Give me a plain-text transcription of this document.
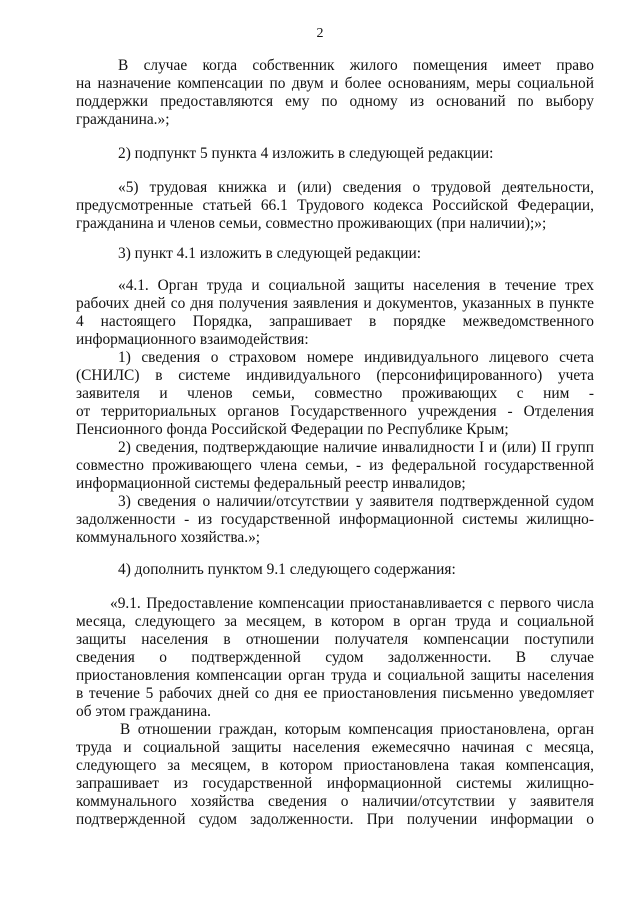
2
В случае когда собственник жилого помещения имеет право
на назначение компенсации по двум и более основаниям, меры социальной
поддержки предоставляются ему по одному из оснований по выбору
гражданина.»;
2) подпункт 5 пункта 4 изложить в следующей редакции:
«5) трудовая книжка и (или) сведения о трудовой деятельности,
предусмотренные статьей 66.1 Трудового кодекса Российской Федерации,
гражданина и членов семьи, совместно проживающих (при наличии);»;
3) пункт 4.1 изложить в следующей редакции:
«4.1. Орган труда и социальной защиты населения в течение трех
рабочих дней со дня получения заявления и документов, указанных в пункте
4 настоящего Порядка, запрашивает в порядке межведомственного
информационного взаимодействия:
1) сведения о страховом номере индивидуального лицевого счета
(СНИЛС) в системе индивидуального (персонифицированного) учета
заявителя и членов семьи, совместно проживающих с ним -
от территориальных органов Государственного учреждения - Отделения
Пенсионного фонда Российской Федерации по Республике Крым;
2) сведения, подтверждающие наличие инвалидности I и (или) II групп
совместно проживающего члена семьи, - из федеральной государственной
информационной системы федеральный реестр инвалидов;
3) сведения о наличии/отсутствии у заявителя подтвержденной судом
задолженности - из государственной информационной системы жилищно-
коммунального хозяйства.»;
4) дополнить пунктом 9.1 следующего содержания:
«9.1. Предоставление компенсации приостанавливается с первого числа
месяца, следующего за месяцем, в котором в орган труда и социальной
защиты населения в отношении получателя компенсации поступили
сведения о подтвержденной судом задолженности. В случае
приостановления компенсации орган труда и социальной защиты населения
в течение 5 рабочих дней со дня ее приостановления письменно уведомляет
об этом гражданина.
В отношении граждан, которым компенсация приостановлена, орган
труда и социальной защиты населения ежемесячно начиная с месяца,
следующего за месяцем, в котором приостановлена такая компенсация,
запрашивает из государственной информационной системы жилищно-
коммунального хозяйства сведения о наличии/отсутствии у заявителя
подтвержденной судом задолженности. При получении информации о
